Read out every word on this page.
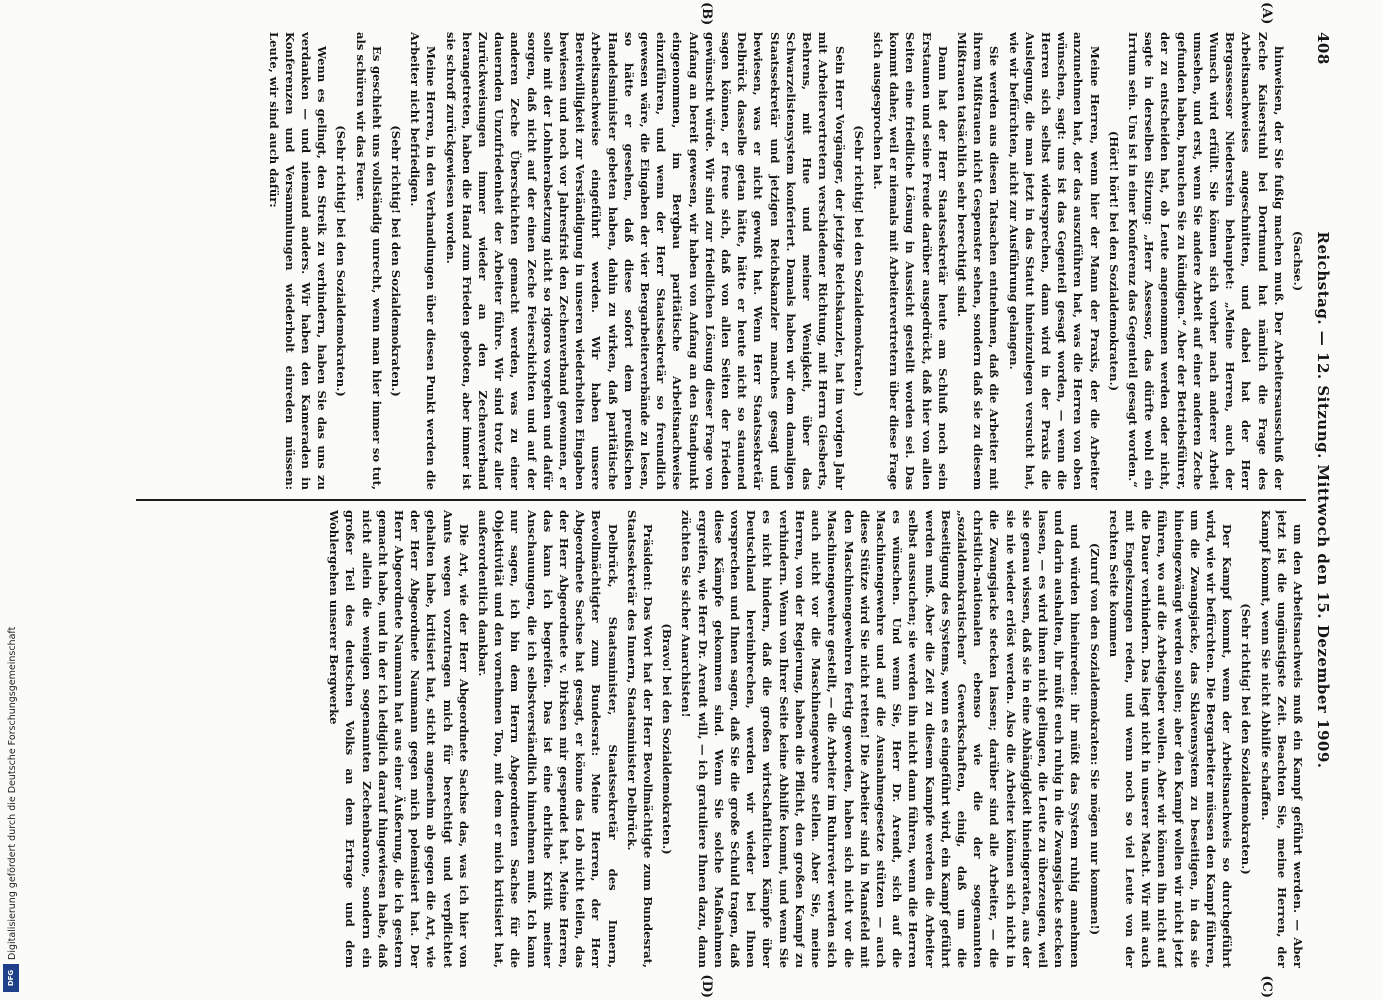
Digitalisierung gefördert durch die Deutsche Forschungsgemeinschaft
DFG
408
Reichstag. — 12. Sitzung. Mittwoch den 15. Dezember 1909.
(A)
(B)
(C)
(D)

(Sachse.)

hinweisen, der Sie fußig machen muß. Der Arbeitersausschuß der Zeche Kaiserstuhl bei Dortmund hat nämlich die Frage des Arbeitsnachweises angeschnitten, und dabei hat der Herr Bergassessor Niederstein behauptet: „Meine Herren, auch der Wunsch wird erfüllt. Sie können sich vorher nach anderer Arbeit umsehen, und erst, wenn Sie andere Arbeit auf einer anderen Zeche gefunden haben, brauchen Sie zu kündigen.“ Aber der Betriebsführer, der zu entscheiden hat, ob Leute angenommen werden oder nicht, sagte in derselben Sitzung: „Herr Assessor, das dürfte wohl ein Irrtum sein. Uns ist in einer Konferenz das Gegenteil gesagt worden.“

(Hört! hört! bei den Sozialdemokraten.)

Meine Herren, wenn hier der Mann der Praxis, der die Arbeiter anzunehmen hat, der das auszuführen hat, was die Herren von oben wünschen, sagt: uns ist das Gegenteil gesagt worden, — wenn die Herren sich selbst widersprechen, dann wird in der Praxis die Auslegung, die man jetzt in das Statut hineinzulegen versucht hat, wie wir befürchten, nicht zur Ausführung gelangen.

Sie werden aus diesen Tatsachen entnehmen, daß die Arbeiter mit ihrem Mißtrauen nicht Gespenster sehen, sondern daß sie zu diesem Mißtrauen tatsächlich sehr berechtigt sind.

Dann hat der Herr Staatssekretär heute am Schluß noch sein Erstaunen und seine Freude darüber ausgedrückt, daß hier von allen Seiten eine friedliche Lösung in Aussicht gestellt worden sei. Das kommt daher, weil er niemals mit Arbeitervertretern über diese Frage sich ausgesprochen hat.

(Sehr richtig! bei den Sozialdemokraten.)

Sein Herr Vorgänger, der jetzige Reichskanzler, hat im vorigen Jahr mit Arbeitervertretern verschiedener Richtung, mit Herrn Giesberts, Behrens, mit Hue und meiner Wenigkeit, über das Schwarzelistensystem konferiert. Damals haben wir dem damaligen Staatssekretär und jetzigen Reichskanzler manches gesagt und bewiesen, was er nicht gewußt hat. Wenn Herr Staatssekretär Delbrück dasselbe getan hätte, hätte er heute nicht so staunend sagen können, er freue sich, daß von allen Seiten der Frieden gewünscht würde. Wir sind zur friedlichen Lösung dieser Frage von Anfang an bereit gewesen, wir haben von Anfang an den Standpunkt eingenommen, im Bergbau paritätische Arbeitsnachweise einzuführen, und wenn der Herr Staatssekretär so freundlich gewesen wäre, die Eingaben der vier Bergarbeiterverbände zu lesen, so hätte er gesehen, daß diese sofort dem preußischen Handelsminister gebeten haben, dahin zu wirken, daß paritätische Arbeitsnachweise eingeführt werden. Wir haben unsere Bereitwilligkeit zur Verständigung in unseren wiederholten Eingaben bewiesen und noch vor Jahresfrist den Zechenverband gewonnen, er solle mit der Lohnherabsetzung nicht so rigoros vorgehen und dafür sorgen, daß nicht auf der einen Zeche Feierschichten und auf der anderen Zeche Überschichten gemacht werden, was zu einer dauernden Unzufriedenheit der Arbeiter führe. Wir sind trotz aller Zurückweisungen immer wieder an den Zechenverband herangetreten, haben die Hand zum Frieden geboten, aber immer ist sie schroff zurückgewiesen worden.

Meine Herren, in den Verhandlungen über diesen Punkt werden die Arbeiter nicht befriedigen.

(Sehr richtig! bei den Sozialdemokraten.)

Es geschieht uns vollständig unrecht, wenn man hier immer so tut, als schüren wir das Feuer.

(Sehr richtig! bei den Sozialdemokraten.)

Wenn es gelingt, den Streik zu verhindern, haben Sie das uns zu verdanken — und niemand anders. Wir haben den Kameraden in Konferenzen und Versammlungen wiederholt einreden müssen: Leute, wir sind auch dafür:

um den Arbeitsnachweis muß ein Kampf geführt werden. — Aber jetzt ist die ungünstigste Zeit. Beachten Sie, meine Herren, der Kampf kommt, wenn Sie nicht Abhilfe schaffen.

(Sehr richtig! bei den Sozialdemokraten.)

Der Kampf kommt, wenn der Arbeitsnachweis so durchgeführt wird, wie wir befürchten. Die Bergarbeiter müssen den Kampf führen, um die Zwangsjacke, das Sklavensystem zu beseitigen, in das sie hineingezwängt werden sollen; aber den Kampf wollen wir nicht jetzt führen, wo auf die Arbeitgeber wollen. Aber wir können ihn nicht auf die Dauer verhindern. Das liegt nicht in unserer Macht. Wir mit auch mit Engelszungen reden, und wenn noch so viel Leute von der rechten Seite kommen

(Zuruf von den Sozialdemokraten: Sie mögen nur kommen!)

und würden hineinreden: ihr müßt das System ruhig annehmen und darin aushalten, ihr müßt euch ruhig in die Zwangsjacke stecken lassen, — es wird ihnen nicht gelingen, die Leute zu überzeugen, weil sie genau wissen, daß sie in eine Abhängigkeit hineingeraten, aus der sie nie wieder erlöst werden. Also die Arbeiter können sich nicht in die Zwangsjacke stecken lassen; darüber sind alle Arbeiter, — die christlich-nationalen ebenso wie die der sogenannten „sozialdemokratischen“ Gewerkschaften, einig, daß um die Beseitigung des Systems, wenn es eingeführt wird, ein Kampf geführt werden muß. Aber die Zeit zu diesem Kampfe werden die Arbeiter selbst aussuchen; sie werden ihn nicht dann führen, wenn die Herren es wünschen. Und wenn Sie, Herr Dr. Arendt, sich auf die Maschinengewehre und auf die Ausnahmegesetze stützen — auch diese Stütze wird Sie nicht retten! Die Arbeiter sind in Mansfeld mit den Maschinengewehren fertig geworden, haben sich nicht vor die Maschinengewehre gestellt, — die Arbeiter im Ruhrrevier werden sich auch nicht vor die Maschinengewehre stellen. Aber Sie, meine Herren, von der Regierung, haben die Pflicht, den großen Kampf zu verhindern. Wenn von Ihrer Seite keine Abhilfe kommt, und wenn Sie es nicht hindern, daß die großen wirtschaftlichen Kämpfe über Deutschland hereinbrechen, werden wir wieder bei Ihnen vorsprechen und Ihnen sagen, daß Sie die große Schuld tragen, daß diese Kämpfe gekommen sind. Wenn Sie solche Maßnahmen ergreifen, wie Herr Dr. Arendt will, — ich gratuliere Ihnen dazu, dann züchten Sie sicher Anarchisten!

(Bravo! bei den Sozialdemokraten.)

Präsident: Das Wort hat der Herr Bevollmächtigte zum Bundesrat, Staatssekretär des Innern, Staatsminister Delbrück.

Delbrück, Staatsminister, Staatssekretär des Innern, Bevollmächtigter zum Bundesrat: Meine Herren, der Herr Abgeordnete Sachse hat gesagt, er könne das Lob nicht teilen, das der Herr Abgeordnete v. Dirksen mir gespendet hat. Meine Herren, das kann ich begreifen. Das ist eine ehrliche Kritik meiner Anschauungen, die ich selbstverständlich hinnehmen muß. Ich kann nur sagen, ich bin dem Herrn Abgeordneten Sachse für die Objektivität und den vornehmen Ton, mit dem er mich kritisiert hat, außerordentlich dankbar.

Die Art, wie der Herr Abgeordnete Sachse das, was ich hier von Amts wegen vorzutragen mich für berechtigt und verpflichtet gehalten habe, kritisiert hat, sticht angenehm ab gegen die Art, wie der Herr Abgeordnete Naumann gegen mich polemisiert hat. Der Herr Abgeordnete Naumann hat aus einer Äußerung, die ich gestern gemacht habe, und in der ich lediglich darauf hingewiesen habe, daß nicht allein die wenigen sogenannten Zechenbarone, sondern ein großer Teil des deutschen Volks an dem Ertrage und dem Wohlergehen unserer Bergwerke
